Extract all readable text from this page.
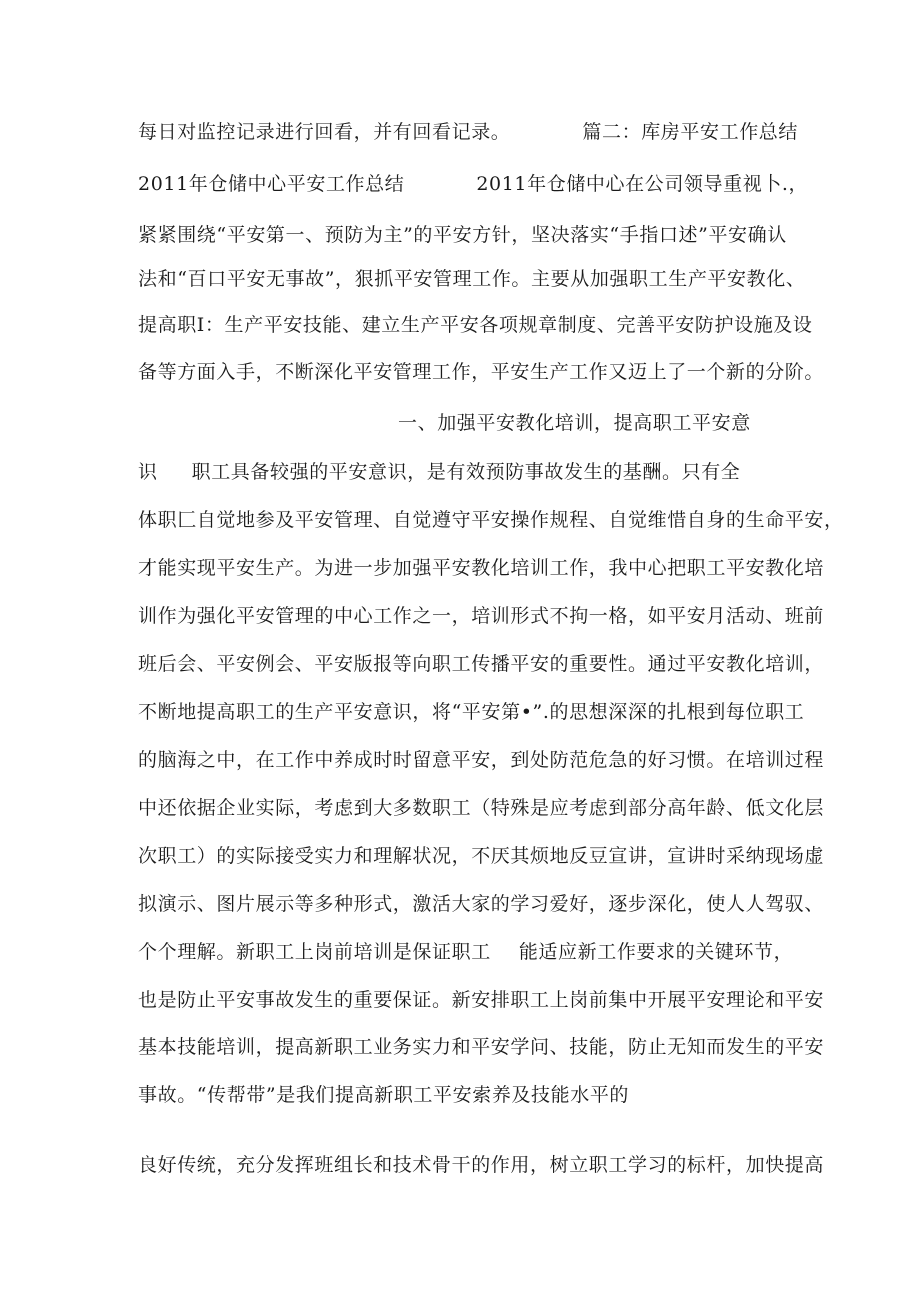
每日对监控记录进行回看，并有回看记录。	篇二：库房平安工作总结
2011年仓储中心平安工作总结	2011年仓储中心在公司领导重视卜.，
紧紧围绕“平安第一、预防为主”的平安方针，坚决落实“手指口述”平安确认
法和“百口平安无事故”，狠抓平安管理工作。主要从加强职工生产平安教化、
提高职I：生产平安技能、建立生产平安各项规章制度、完善平安防护设施及设
备等方面入手，不断深化平安管理工作，平安生产工作又迈上了一个新的分阶。
一、加强平安教化培训，提高职工平安意
识 职工具备较强的平安意识，是有效预防事故发生的基酬。只有全
体职匚自觉地参及平安管理、自觉遵守平安操作规程、自觉维惜自身的生命平安，
才能实现平安生产。为进一步加强平安教化培训工作，我中心把职工平安教化培
训作为强化平安管理的中心工作之一，培训形式不拘一格，如平安月活动、班前
班后会、平安例会、平安版报等向职工传播平安的重要性。通过平安教化培训，
不断地提高职工的生产平安意识，将“平安第•”.的思想深深的扎根到每位职工
的脑海之中，在工作中养成时时留意平安，到处防范危急的好习惯。在培训过程
中还依据企业实际，考虑到大多数职工（特殊是应考虑到部分高年龄、低文化层
次职工）的实际接受实力和理解状况，不厌其烦地反豆宣讲，宣讲时采纳现场虚
拟演示、图片展示等多种形式，激活大家的学习爱好，逐步深化，使人人驾驭、
个个理解。新职工上岗前培训是保证职工 能适应新工作要求的关键环节，
也是防止平安事故发生的重要保证。新安排职工上岗前集中开展平安理论和平安
基本技能培训，提高新职工业务实力和平安学问、技能，防止无知而发生的平安
事故。“传帮带”是我们提高新职工平安索养及技能水平的
良好传统，充分发挥班组长和技术骨干的作用，树立职工学习的标杆，加快提高
